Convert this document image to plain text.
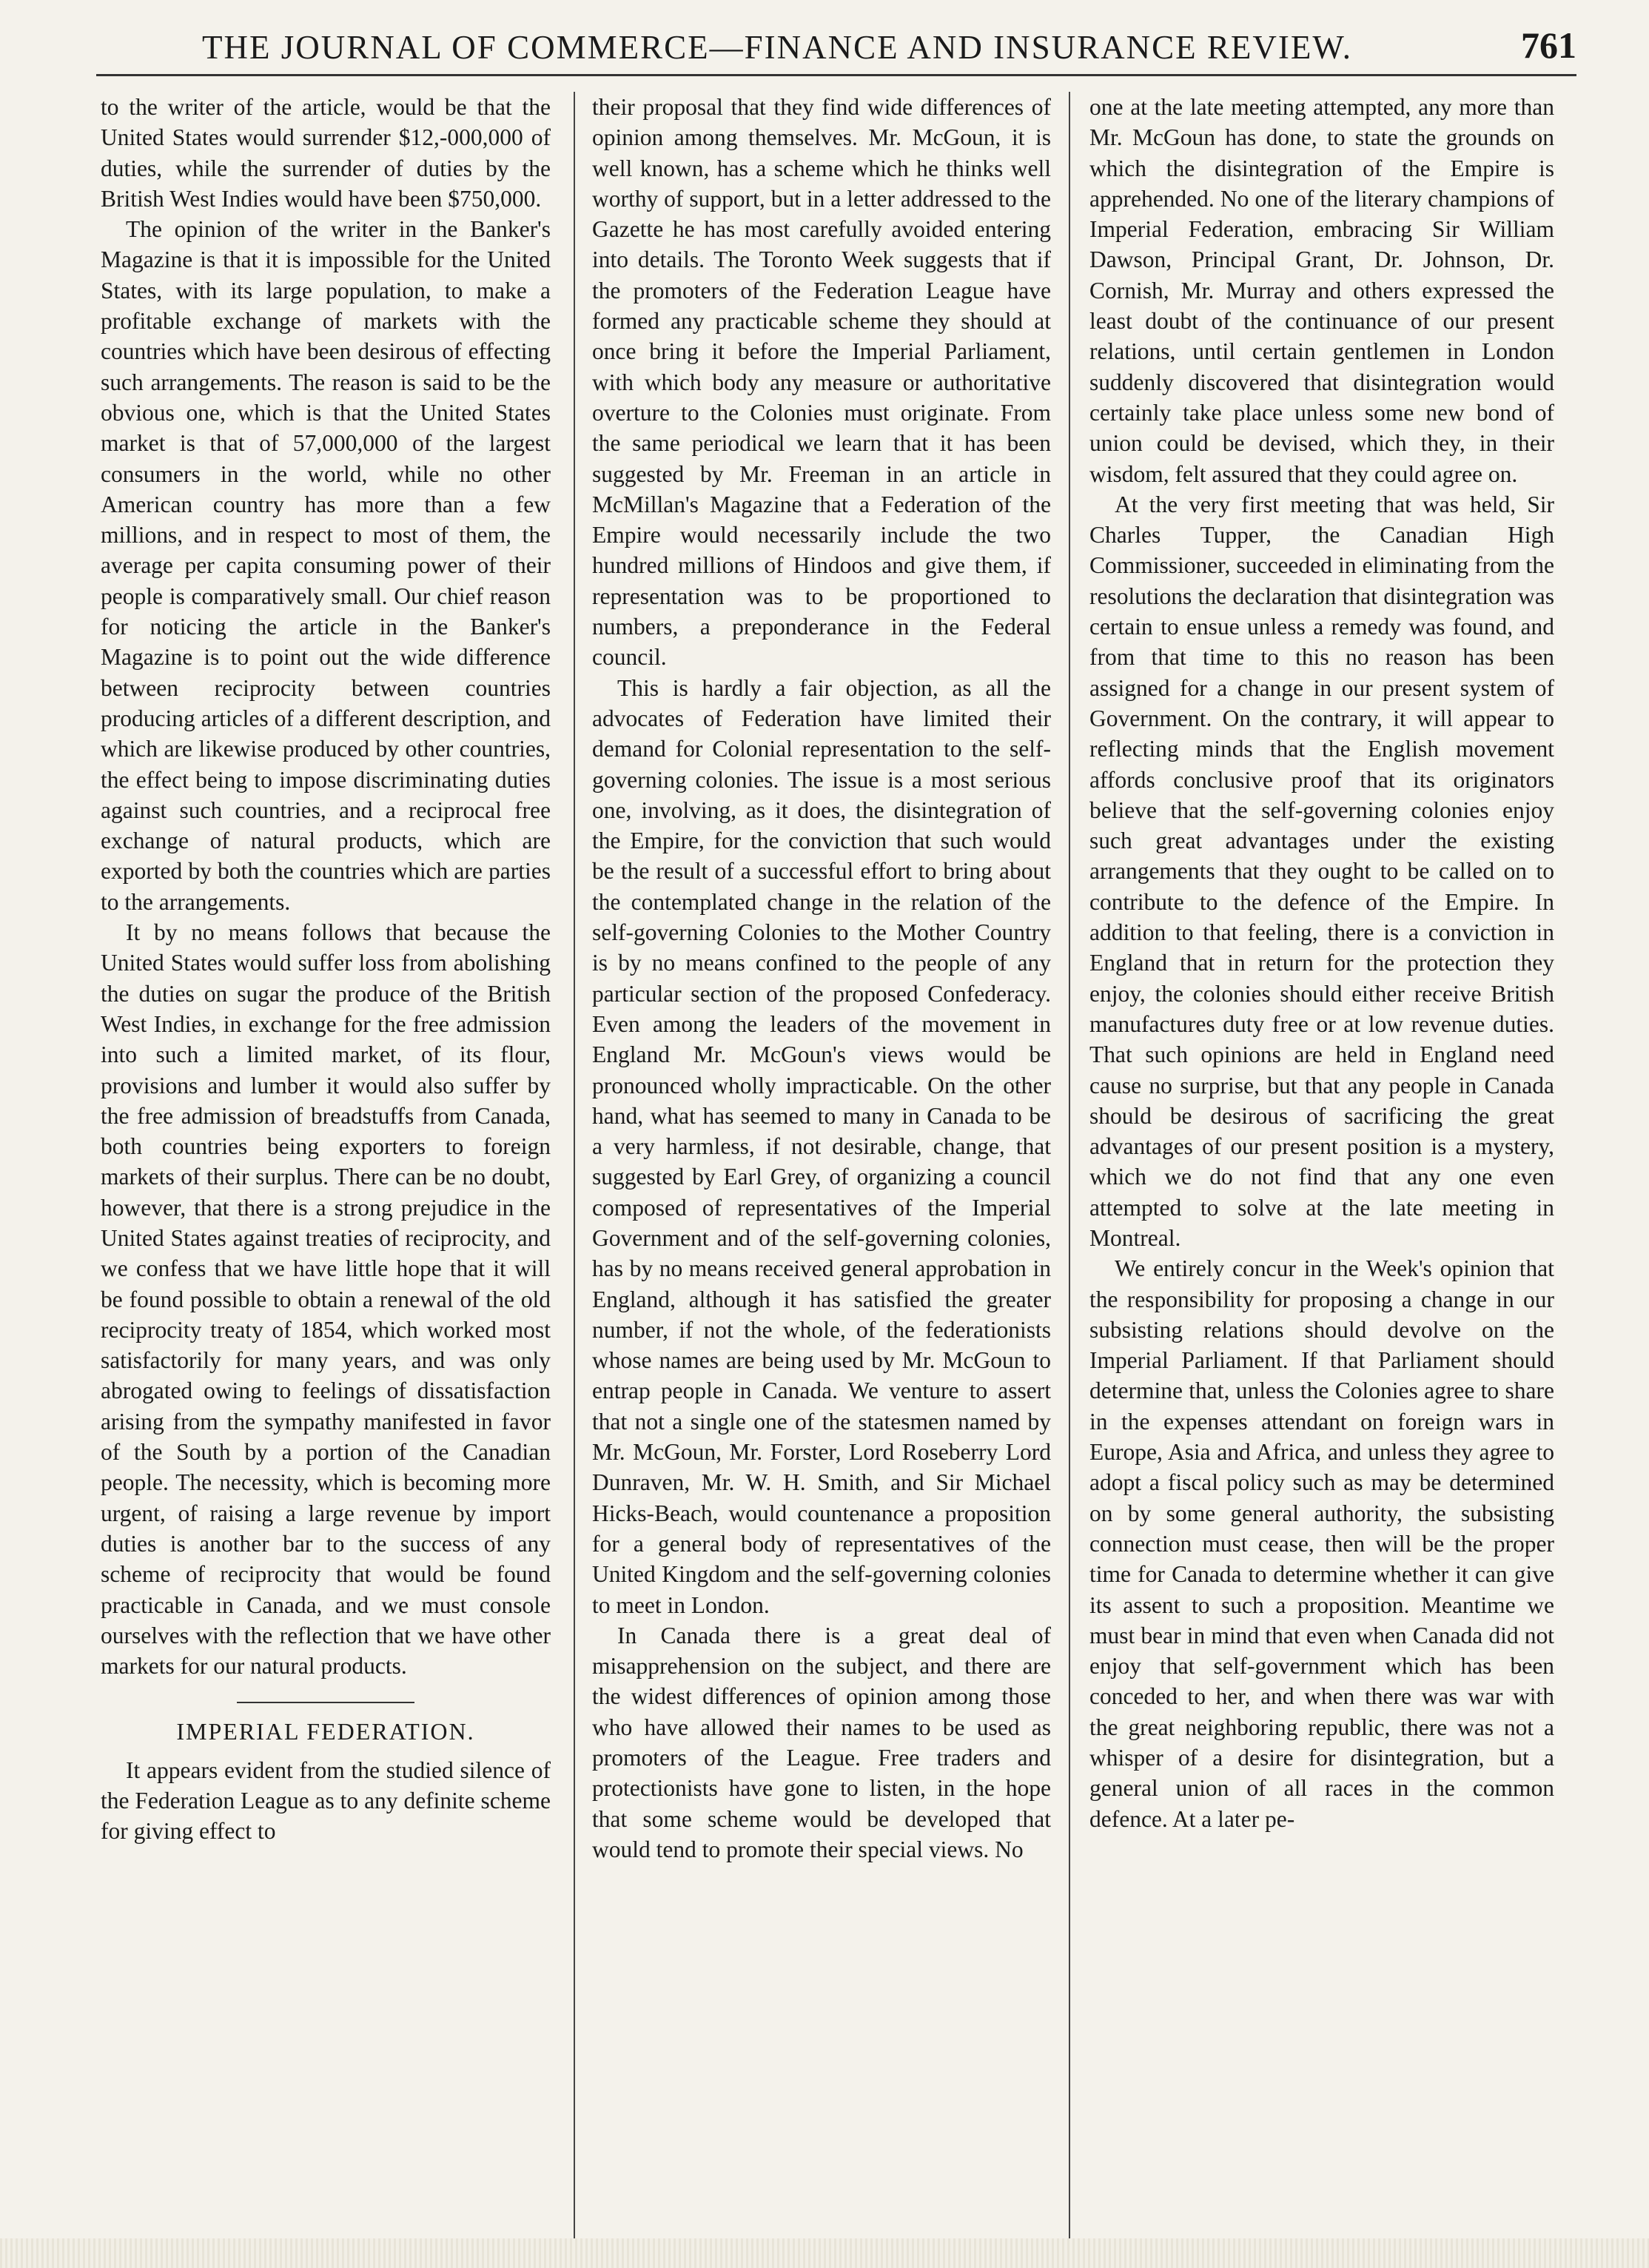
THE JOURNAL OF COMMERCE—FINANCE AND INSURANCE REVIEW.	761

to the writer of the article, would be that the United States would surrender $12,-000,000 of duties, while the surrender of duties by the British West Indies would have been $750,000.

The opinion of the writer in the Banker's Magazine is that it is impossible for the United States, with its large population, to make a profitable exchange of markets with the countries which have been desirous of effecting such arrangements. The reason is said to be the obvious one, which is that the United States market is that of 57,000,000 of the largest consumers in the world, while no other American country has more than a few millions, and in respect to most of them, the average per capita consuming power of their people is comparatively small. Our chief reason for noticing the article in the Banker's Magazine is to point out the wide difference between reciprocity between countries producing articles of a different description, and which are likewise produced by other countries, the effect being to impose discriminating duties against such countries, and a reciprocal free exchange of natural products, which are exported by both the countries which are parties to the arrangements.

It by no means follows that because the United States would suffer loss from abolishing the duties on sugar the produce of the British West Indies, in exchange for the free admission into such a limited market, of its flour, provisions and lumber it would also suffer by the free admission of breadstuffs from Canada, both countries being exporters to foreign markets of their surplus. There can be no doubt, however, that there is a strong prejudice in the United States against treaties of reciprocity, and we confess that we have little hope that it will be found possible to obtain a renewal of the old reciprocity treaty of 1854, which worked most satisfactorily for many years, and was only abrogated owing to feelings of dissatisfaction arising from the sympathy manifested in favor of the South by a portion of the Canadian people. The necessity, which is becoming more urgent, of raising a large revenue by import duties is another bar to the success of any scheme of reciprocity that would be found practicable in Canada, and we must console ourselves with the reflection that we have other markets for our natural products.

IMPERIAL FEDERATION.

It appears evident from the studied silence of the Federation League as to any definite scheme for giving effect to

their proposal that they find wide differences of opinion among themselves. Mr. McGoun, it is well known, has a scheme which he thinks well worthy of support, but in a letter addressed to the Gazette he has most carefully avoided entering into details. The Toronto Week suggests that if the promoters of the Federation League have formed any practicable scheme they should at once bring it before the Imperial Parliament, with which body any measure or authoritative overture to the Colonies must originate. From the same periodical we learn that it has been suggested by Mr. Freeman in an article in McMillan's Magazine that a Federation of the Empire would necessarily include the two hundred millions of Hindoos and give them, if representation was to be proportioned to numbers, a preponderance in the Federal council.

This is hardly a fair objection, as all the advocates of Federation have limited their demand for Colonial representation to the self-governing colonies. The issue is a most serious one, involving, as it does, the disintegration of the Empire, for the conviction that such would be the result of a successful effort to bring about the contemplated change in the relation of the self-governing Colonies to the Mother Country is by no means confined to the people of any particular section of the proposed Confederacy. Even among the leaders of the movement in England Mr. McGoun's views would be pronounced wholly impracticable. On the other hand, what has seemed to many in Canada to be a very harmless, if not desirable, change, that suggested by Earl Grey, of organizing a council composed of representatives of the Imperial Government and of the self-governing colonies, has by no means received general approbation in England, although it has satisfied the greater number, if not the whole, of the federationists whose names are being used by Mr. McGoun to entrap people in Canada. We venture to assert that not a single one of the statesmen named by Mr. McGoun, Mr. Forster, Lord Roseberry Lord Dunraven, Mr. W. H. Smith, and Sir Michael Hicks-Beach, would countenance a proposition for a general body of representatives of the United Kingdom and the self-governing colonies to meet in London.

In Canada there is a great deal of misapprehension on the subject, and there are the widest differences of opinion among those who have allowed their names to be used as promoters of the League. Free traders and protectionists have gone to listen, in the hope that some scheme would be developed that would tend to promote their special views. No

one at the late meeting attempted, any more than Mr. McGoun has done, to state the grounds on which the disintegration of the Empire is apprehended. No one of the literary champions of Imperial Federation, embracing Sir William Dawson, Principal Grant, Dr. Johnson, Dr. Cornish, Mr. Murray and others expressed the least doubt of the continuance of our present relations, until certain gentlemen in London suddenly discovered that disintegration would certainly take place unless some new bond of union could be devised, which they, in their wisdom, felt assured that they could agree on.

At the very first meeting that was held, Sir Charles Tupper, the Canadian High Commissioner, succeeded in eliminating from the resolutions the declaration that disintegration was certain to ensue unless a remedy was found, and from that time to this no reason has been assigned for a change in our present system of Government. On the contrary, it will appear to reflecting minds that the English movement affords conclusive proof that its originators believe that the self-governing colonies enjoy such great advantages under the existing arrangements that they ought to be called on to contribute to the defence of the Empire. In addition to that feeling, there is a conviction in England that in return for the protection they enjoy, the colonies should either receive British manufactures duty free or at low revenue duties. That such opinions are held in England need cause no surprise, but that any people in Canada should be desirous of sacrificing the great advantages of our present position is a mystery, which we do not find that any one even attempted to solve at the late meeting in Montreal.

We entirely concur in the Week's opinion that the responsibility for proposing a change in our subsisting relations should devolve on the Imperial Parliament. If that Parliament should determine that, unless the Colonies agree to share in the expenses attendant on foreign wars in Europe, Asia and Africa, and unless they agree to adopt a fiscal policy such as may be determined on by some general authority, the subsisting connection must cease, then will be the proper time for Canada to determine whether it can give its assent to such a proposition. Meantime we must bear in mind that even when Canada did not enjoy that self-government which has been conceded to her, and when there was war with the great neighboring republic, there was not a whisper of a desire for disintegration, but a general union of all races in the common defence. At a later pe-
